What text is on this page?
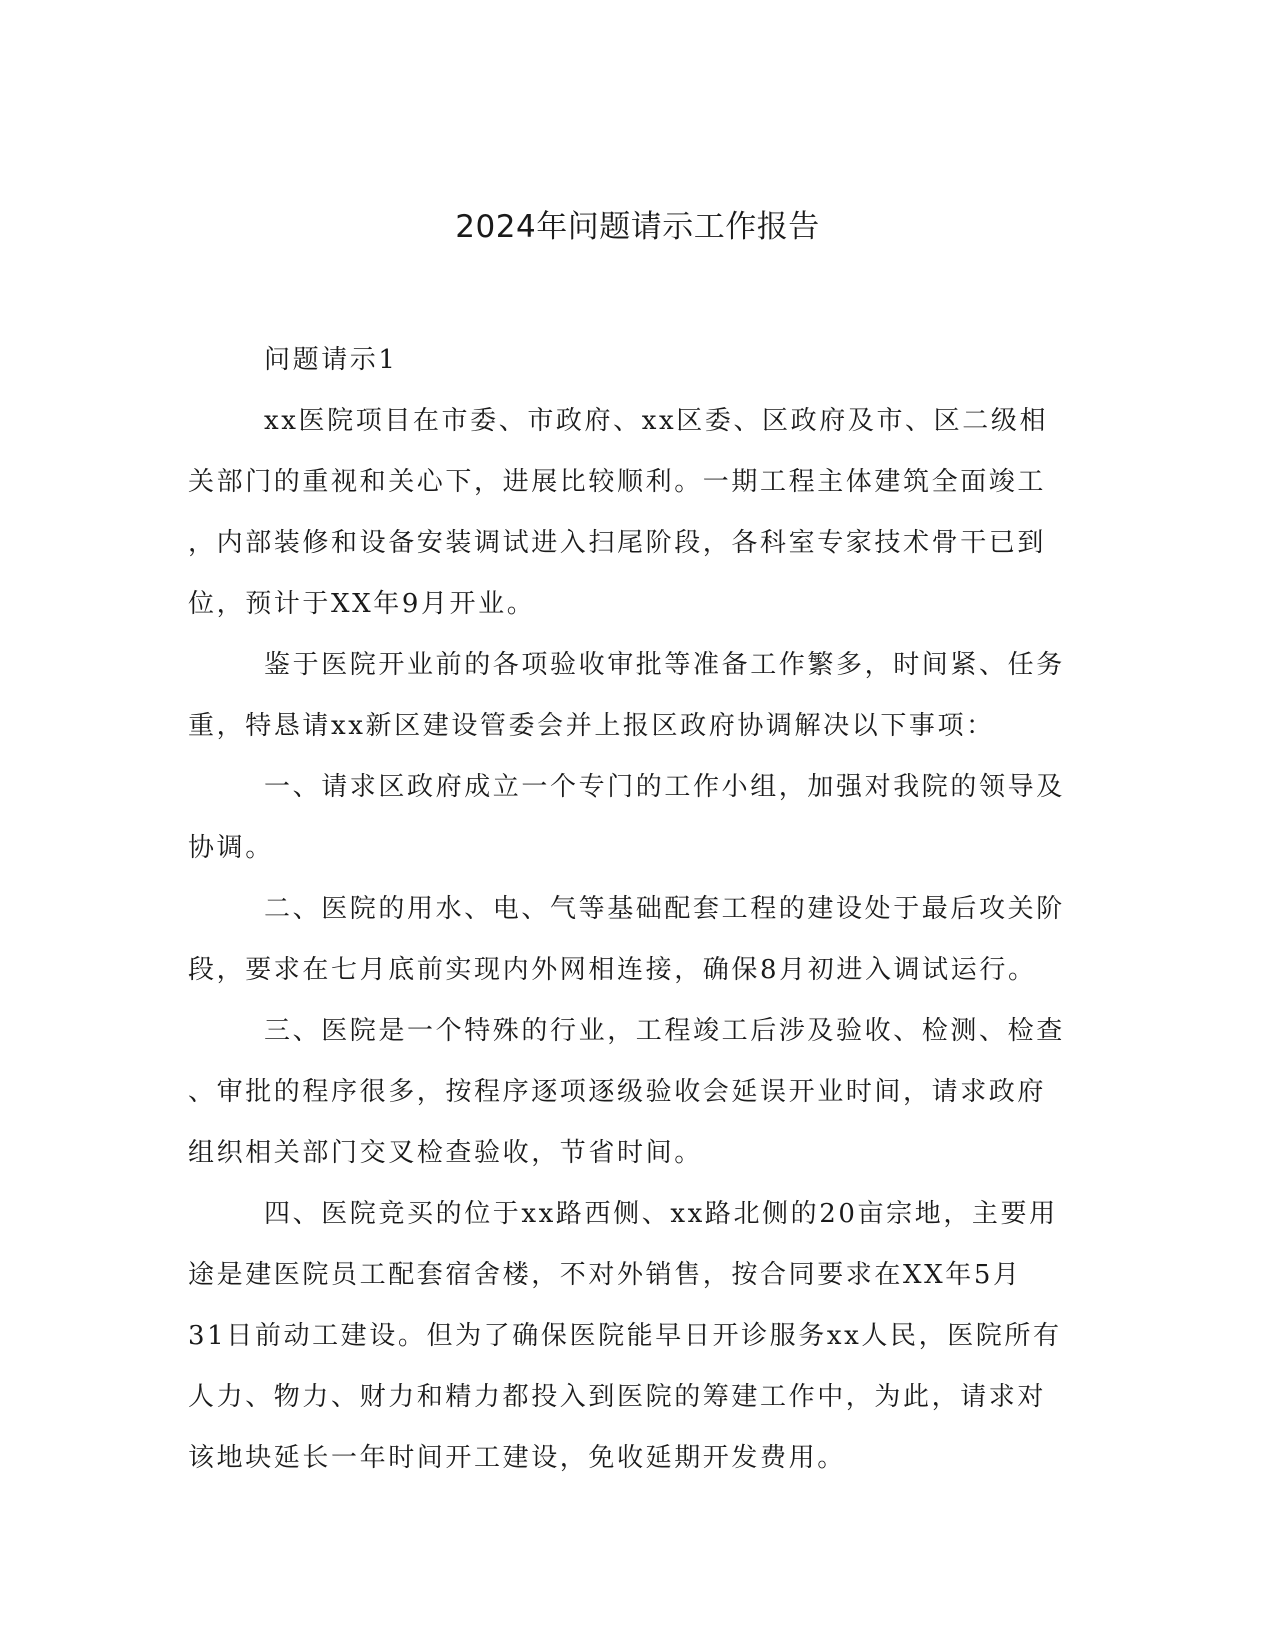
2024年问题请示工作报告

问题请示1

xx医院项目在市委、市政府、xx区委、区政府及市、区二级相
关部门的重视和关心下，进展比较顺利。一期工程主体建筑全面竣工
，内部装修和设备安装调试进入扫尾阶段，各科室专家技术骨干已到
位，预计于XX年9月开业。

鉴于医院开业前的各项验收审批等准备工作繁多，时间紧、任务
重，特恳请xx新区建设管委会并上报区政府协调解决以下事项：

一、请求区政府成立一个专门的工作小组，加强对我院的领导及
协调。

二、医院的用水、电、气等基础配套工程的建设处于最后攻关阶
段，要求在七月底前实现内外网相连接，确保8月初进入调试运行。

三、医院是一个特殊的行业，工程竣工后涉及验收、检测、检查
、审批的程序很多，按程序逐项逐级验收会延误开业时间，请求政府
组织相关部门交叉检查验收，节省时间。

四、医院竞买的位于xx路西侧、xx路北侧的20亩宗地，主要用
途是建医院员工配套宿舍楼，不对外销售，按合同要求在XX年5月
31日前动工建设。但为了确保医院能早日开诊服务xx人民，医院所有
人力、物力、财力和精力都投入到医院的筹建工作中，为此，请求对
该地块延长一年时间开工建设，免收延期开发费用。
